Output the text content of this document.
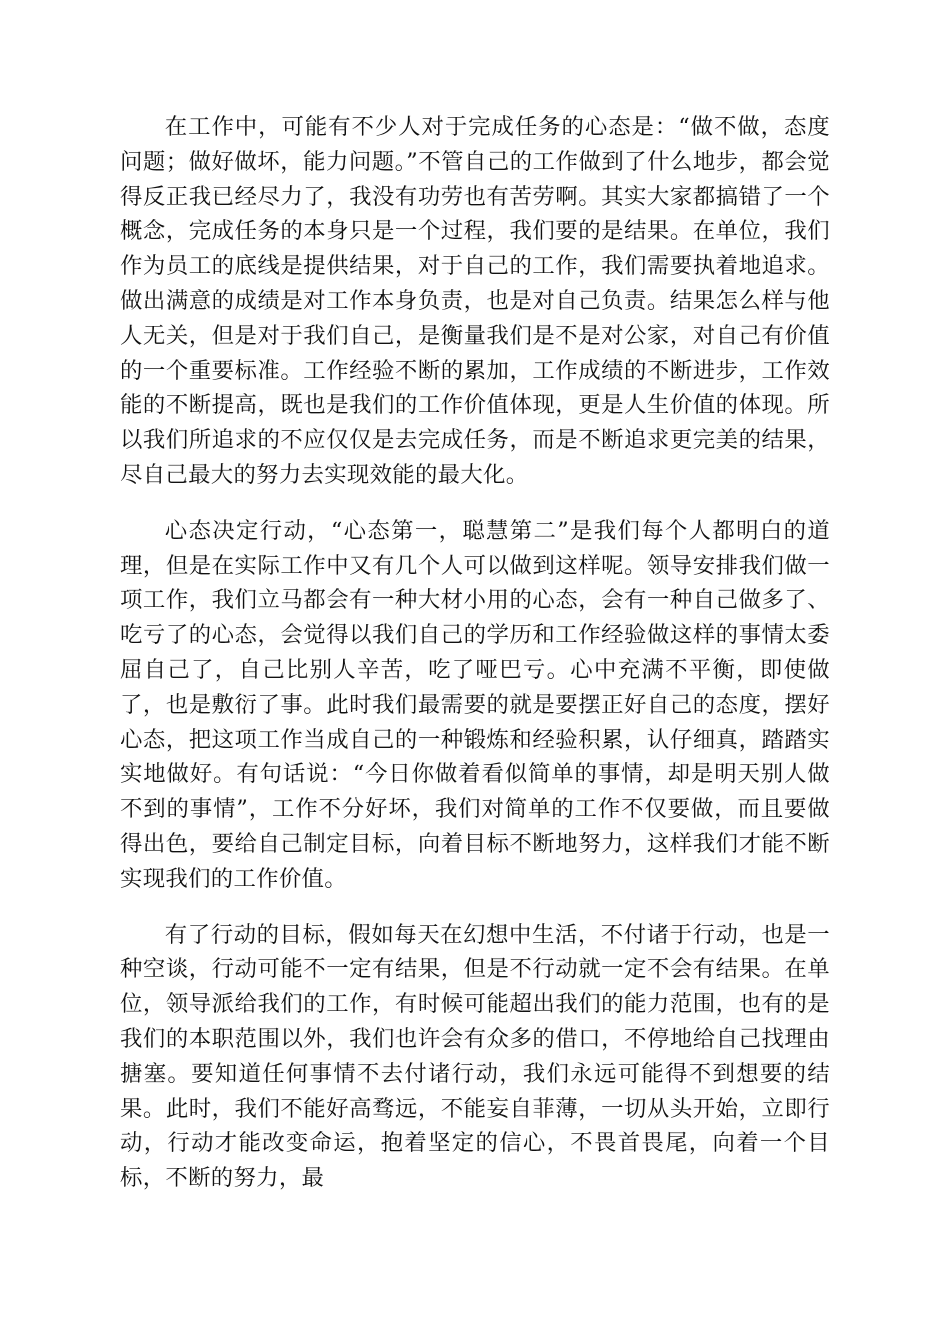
在工作中，可能有不少人对于完成任务的心态是：“做不做，态度问题；做好做坏，能力问题。”不管自己的工作做到了什么地步，都会觉得反正我已经尽力了，我没有功劳也有苦劳啊。其实大家都搞错了一个概念，完成任务的本身只是一个过程，我们要的是结果。在单位，我们作为员工的底线是提供结果，对于自己的工作，我们需要执着地追求。做出满意的成绩是对工作本身负责，也是对自己负责。结果怎么样与他人无关，但是对于我们自己，是衡量我们是不是对公家，对自己有价值的一个重要标准。工作经验不断的累加，工作成绩的不断进步，工作效能的不断提高，既也是我们的工作价值体现，更是人生价值的体现。所以我们所追求的不应仅仅是去完成任务，而是不断追求更完美的结果，尽自己最大的努力去实现效能的最大化。

心态决定行动，“心态第一，聪慧第二”是我们每个人都明白的道理，但是在实际工作中又有几个人可以做到这样呢。领导安排我们做一项工作，我们立马都会有一种大材小用的心态，会有一种自己做多了、吃亏了的心态，会觉得以我们自己的学历和工作经验做这样的事情太委屈自己了，自己比别人辛苦，吃了哑巴亏。心中充满不平衡，即使做了，也是敷衍了事。此时我们最需要的就是要摆正好自己的态度，摆好心态，把这项工作当成自己的一种锻炼和经验积累，认仔细真，踏踏实实地做好。有句话说：“今日你做着看似简单的事情，却是明天别人做不到的事情”，工作不分好坏，我们对简单的工作不仅要做，而且要做得出色，要给自己制定目标，向着目标不断地努力，这样我们才能不断实现我们的工作价值。

有了行动的目标，假如每天在幻想中生活，不付诸于行动，也是一种空谈，行动可能不一定有结果，但是不行动就一定不会有结果。在单位，领导派给我们的工作，有时候可能超出我们的能力范围，也有的是我们的本职范围以外，我们也许会有众多的借口，不停地给自己找理由搪塞。要知道任何事情不去付诸行动，我们永远可能得不到想要的结果。此时，我们不能好高骛远，不能妄自菲薄，一切从头开始，立即行动，行动才能改变命运，抱着坚定的信心，不畏首畏尾，向着一个目标，不断的努力，最
